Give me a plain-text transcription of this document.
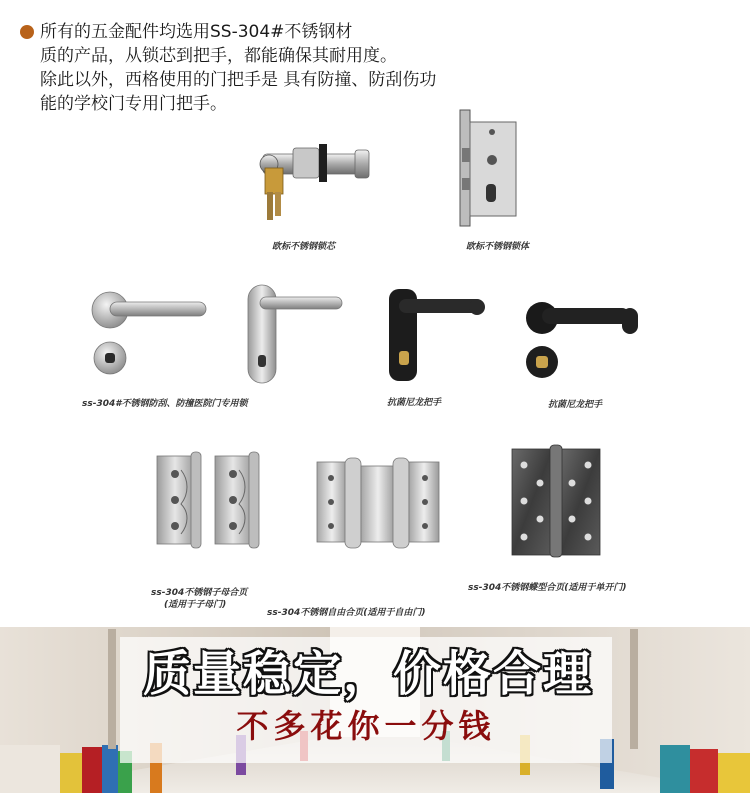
所有的五金配件均选用SS-304#不锈钢材
质的产品，从锁芯到把手，都能确保其耐用度。
除此以外，西格使用的门把手是 具有防撞、防刮伤功
能的学校门专用门把手。
欧标不锈钢锁芯	欧标不锈钢锁体
ss-304#不锈钢防刮、防撞医院门专用锁	抗菌尼龙把手	抗菌尼龙把手
ss-304不锈钢子母合页
(适用于子母门)
ss-304不锈钢自由合页(适用于自由门)
ss-304不锈钢蝶型合页(适用于单开门)
质量稳定，价格合理
不多花你一分钱
